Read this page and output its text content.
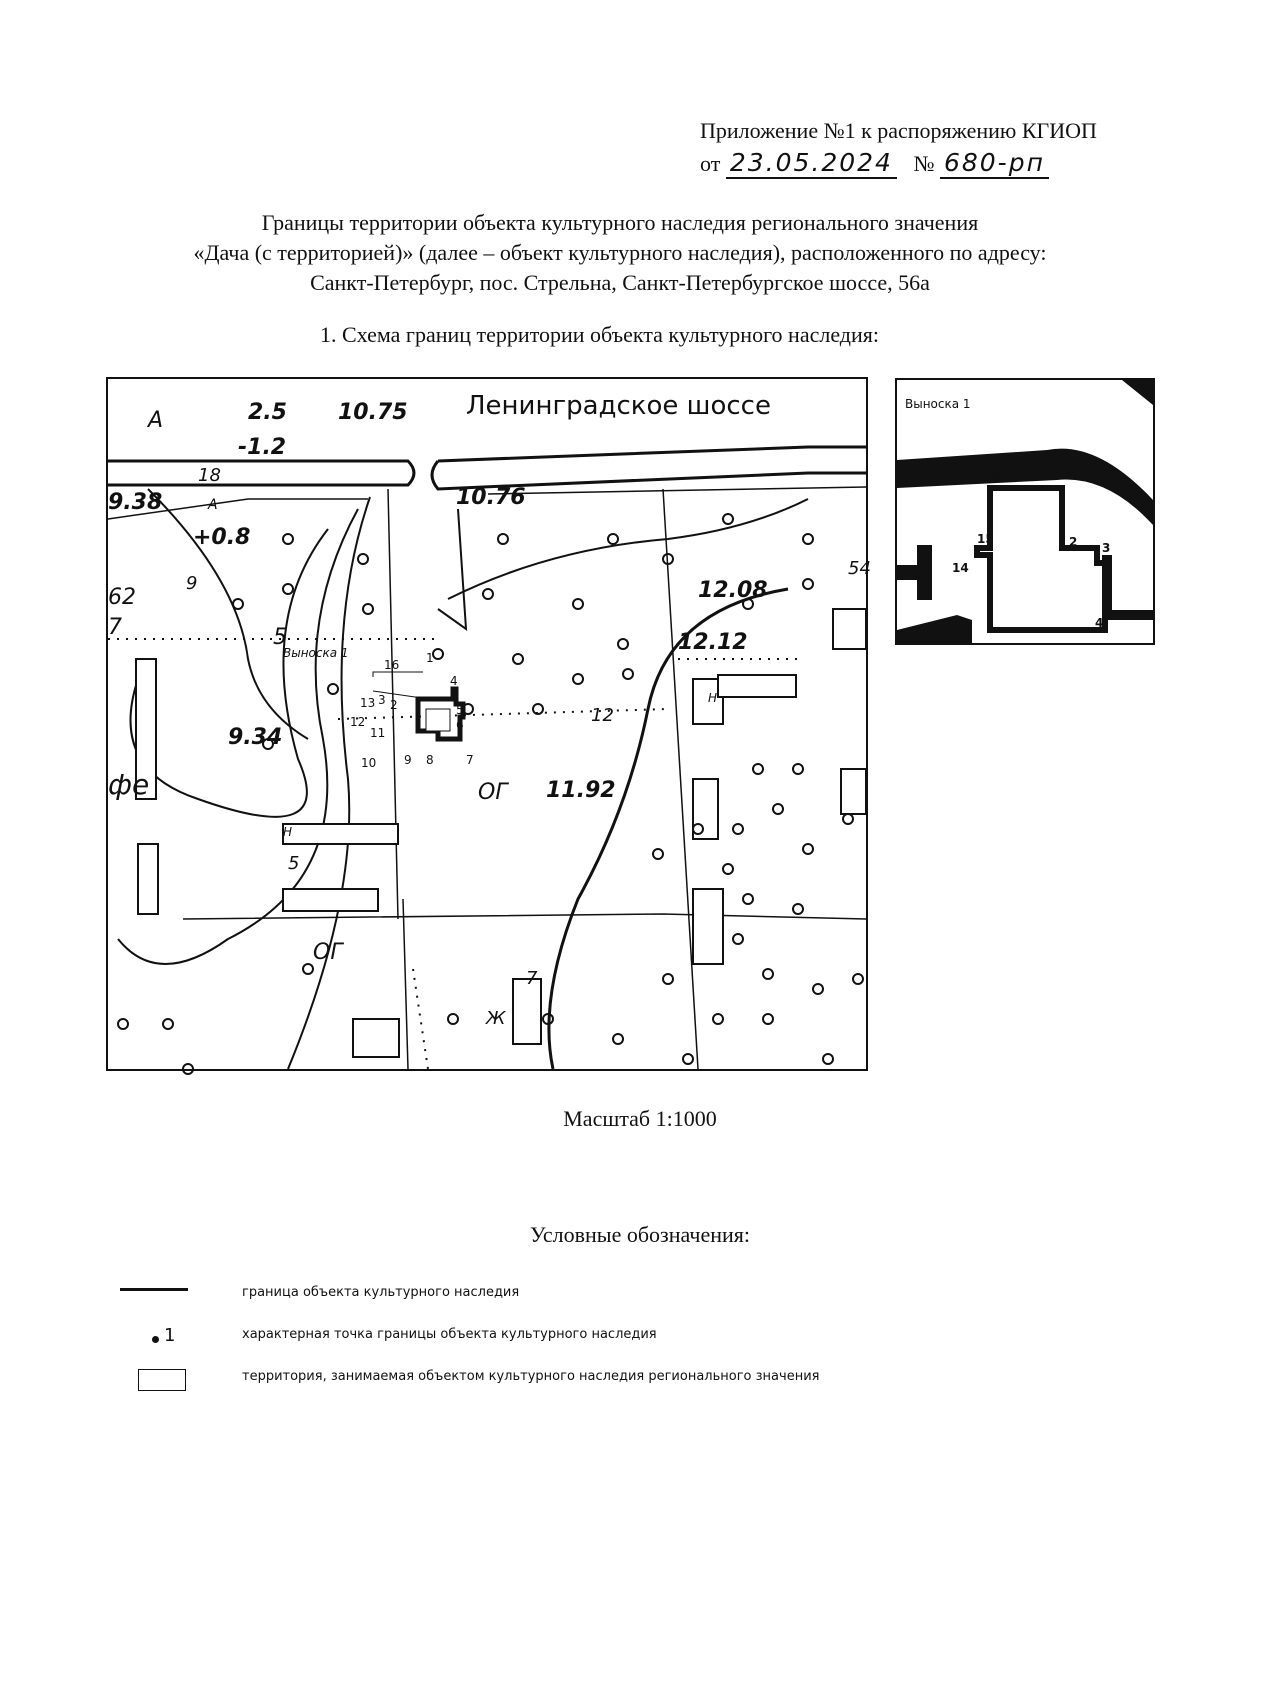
Приложение №1 к распоряжению КГИОП
от 23.05.2024 № 680-рп
Границы территории объекта культурного наследия регионального значения
«Дача (с территорией)» (далее – объект культурного наследия), расположенного по адресу:
Санкт-Петербург, пос. Стрельна, Санкт-Петербургское шоссе, 56а
1. Схема границ территории объекта культурного наследия:
10.75
10.76
12.08
12.12
11.92
9.34
9.38
+0.8
2.5
-1.2
А
А
Выноска 1
ОГ
ОГ
фе
Н
Ж
Н
62
7
18
5
9
12
7
5
54
Ленинградское шоссе
1
2
3
4
5
6
7
8
9
10
11
12
13
16
Выноска 1
16	1
15	2 3
14
4
Масштаб 1:1000
Условные обозначения:
граница объекта культурного наследия
1	характерная точка границы объекта культурного наследия
территория, занимаемая объектом культурного наследия регионального значения
